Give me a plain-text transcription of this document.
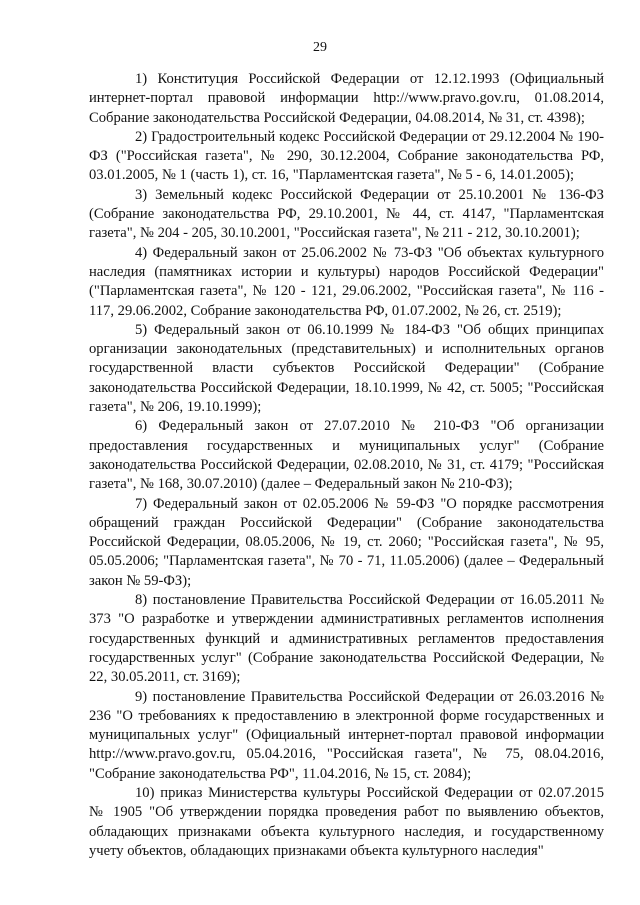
29

1) Конституция Российской Федерации от 12.12.1993 (Официальный интернет-портал правовой информации http://www.pravo.gov.ru, 01.08.2014, Собрание законодательства Российской Федерации, 04.08.2014, № 31, ст. 4398);

2) Градостроительный кодекс Российской Федерации от 29.12.2004 № 190-ФЗ ("Российская газета", № 290, 30.12.2004, Собрание законодательства РФ, 03.01.2005, № 1 (часть 1), ст. 16, "Парламентская газета", № 5 - 6, 14.01.2005);

3) Земельный кодекс Российской Федерации от 25.10.2001 № 136-ФЗ (Собрание законодательства РФ, 29.10.2001, № 44, ст. 4147, "Парламентская газета", № 204 - 205, 30.10.2001, "Российская газета", № 211 - 212, 30.10.2001);

4) Федеральный закон от 25.06.2002 № 73-ФЗ "Об объектах культурного наследия (памятниках истории и культуры) народов Российской Федерации" ("Парламентская газета", № 120 - 121, 29.06.2002, "Российская газета", № 116 - 117, 29.06.2002, Собрание законодательства РФ, 01.07.2002, № 26, ст. 2519);

5) Федеральный закон от 06.10.1999 № 184-ФЗ "Об общих принципах организации законодательных (представительных) и исполнительных органов государственной власти субъектов Российской Федерации" (Собрание законодательства Российской Федерации, 18.10.1999, № 42, ст. 5005; "Российская газета", № 206, 19.10.1999);

6) Федеральный закон от 27.07.2010 № 210-ФЗ "Об организации предоставления государственных и муниципальных услуг" (Собрание законодательства Российской Федерации, 02.08.2010, № 31, ст. 4179; "Российская газета", № 168, 30.07.2010) (далее – Федеральный закон № 210-ФЗ);

7) Федеральный закон от 02.05.2006 № 59-ФЗ "О порядке рассмотрения обращений граждан Российской Федерации" (Собрание законодательства Российской Федерации, 08.05.2006, № 19, ст. 2060; "Российская газета", № 95, 05.05.2006; "Парламентская газета", № 70 - 71, 11.05.2006) (далее – Федеральный закон № 59-ФЗ);

8) постановление Правительства Российской Федерации от 16.05.2011 № 373 "О разработке и утверждении административных регламентов исполнения государственных функций и административных регламентов предоставления государственных услуг" (Собрание законодательства Российской Федерации, № 22, 30.05.2011, ст. 3169);

9) постановление Правительства Российской Федерации от 26.03.2016 № 236 "О требованиях к предоставлению в электронной форме государственных и муниципальных услуг" (Официальный интернет-портал правовой информации http://www.pravo.gov.ru, 05.04.2016, "Российская газета", № 75, 08.04.2016, "Собрание законодательства РФ", 11.04.2016, № 15, ст. 2084);

10) приказ Министерства культуры Российской Федерации от 02.07.2015 № 1905 "Об утверждении порядка проведения работ по выявлению объектов, обладающих признаками объекта культурного наследия, и государственному учету объектов, обладающих признаками объекта культурного наследия"
